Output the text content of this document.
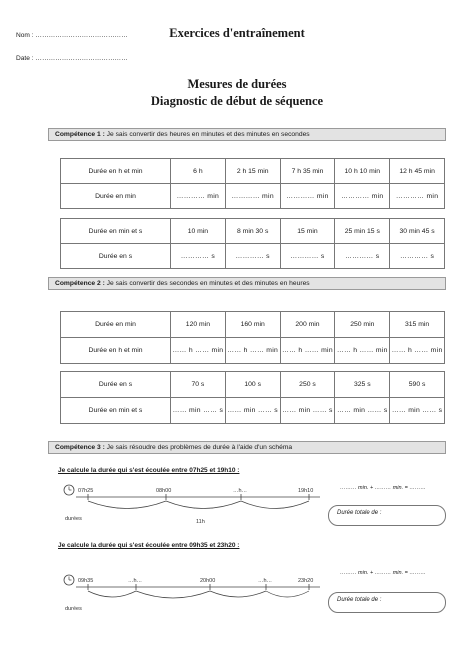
Nom : ……………………………………
Date : ……………………………………
Exercices d'entraînement
Mesures de durées
Diagnostic de début de séquence
Compétence 1 : Je sais convertir des heures en minutes et des minutes en secondes
Durée en h et min	6 h	2 h 15 min	7 h 35 min	10 h 10 min	12 h 45 min
Durée en min	………… min	………… min	………… min	………… min	………… min
Durée en min et s	10 min	8 min 30 s	15 min	25 min 15 s	30 min 45 s
Durée en s	………… s	………… s	………… s	………… s	………… s
Compétence 2 : Je sais convertir des secondes en minutes et des minutes en heures
Durée en min	120 min	160 min	200 min	250 min	315 min
Durée en h et min	…… h …… min	…… h …… min	…… h …… min	…… h …… min	…… h …… min
Durée en s	70 s	100 s	250 s	325 s	590 s
Durée en min et s	…… min …… s	…… min …… s	…… min …… s	…… min …… s	…… min …… s
Compétence 3 : Je sais résoudre des problèmes de durée à l'aide d'un schéma
Je calcule la durée qui s'est écoulée entre 07h25 et 19h10 :
07h25	08h00	…h…	19h10
durées	11h
09h35	…h…	20h00	…h…	23h20
durées
……… min. + ……… min. = ………
Durée totale de :
Je calcule la durée qui s'est écoulée entre 09h35 et 23h20 :
……… min. + ……… min. = ………
Durée totale de :
